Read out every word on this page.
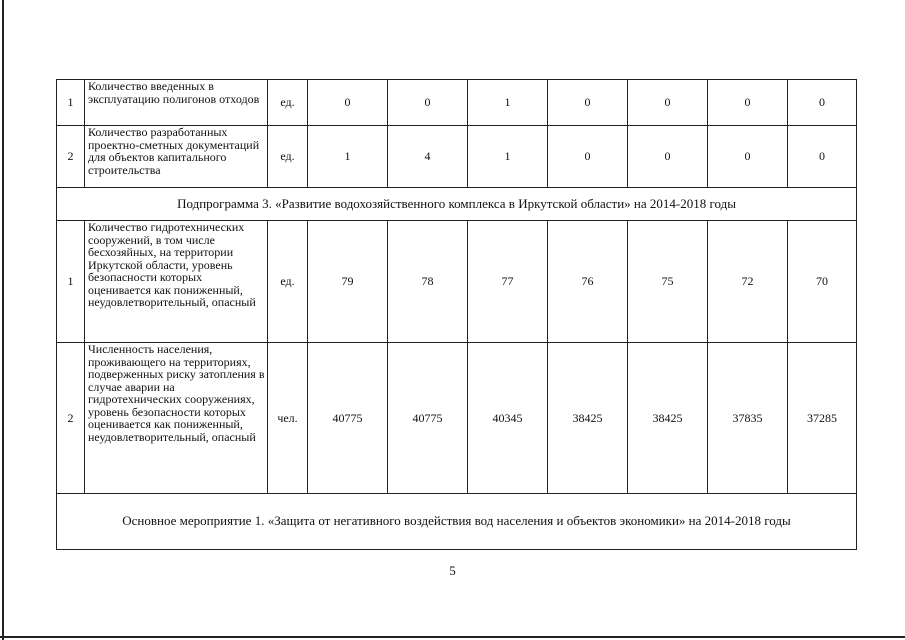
1	Количество введенных в эксплуатацию полигонов отходов	ед.	0	0	1	0	0	0	0
2	Количество разработанных проектно-сметных документаций для объектов капитального строительства	ед.	1	4	1	0	0	0	0
Подпрограмма 3. «Развитие водохозяйственного комплекса в Иркутской области» на 2014-2018 годы									
1	Количество гидротехнических сооружений, в том числе бесхозяйных, на территории Иркутской области, уровень безопасности которых оценивается как пониженный, неудовлетворительный, опасный	ед.	79	78	77	76	75	72	70
2	Численность населения, проживающего на территориях, подверженных риску затопления в случае аварии на гидротехнических сооружениях, уровень безопасности которых оценивается как пониженный, неудовлетворительный, опасный	чел.	40775	40775	40345	38425	38425	37835	37285
Основное мероприятие 1. «Защита от негативного воздействия вод населения и объектов экономики» на 2014-2018 годы									
5
